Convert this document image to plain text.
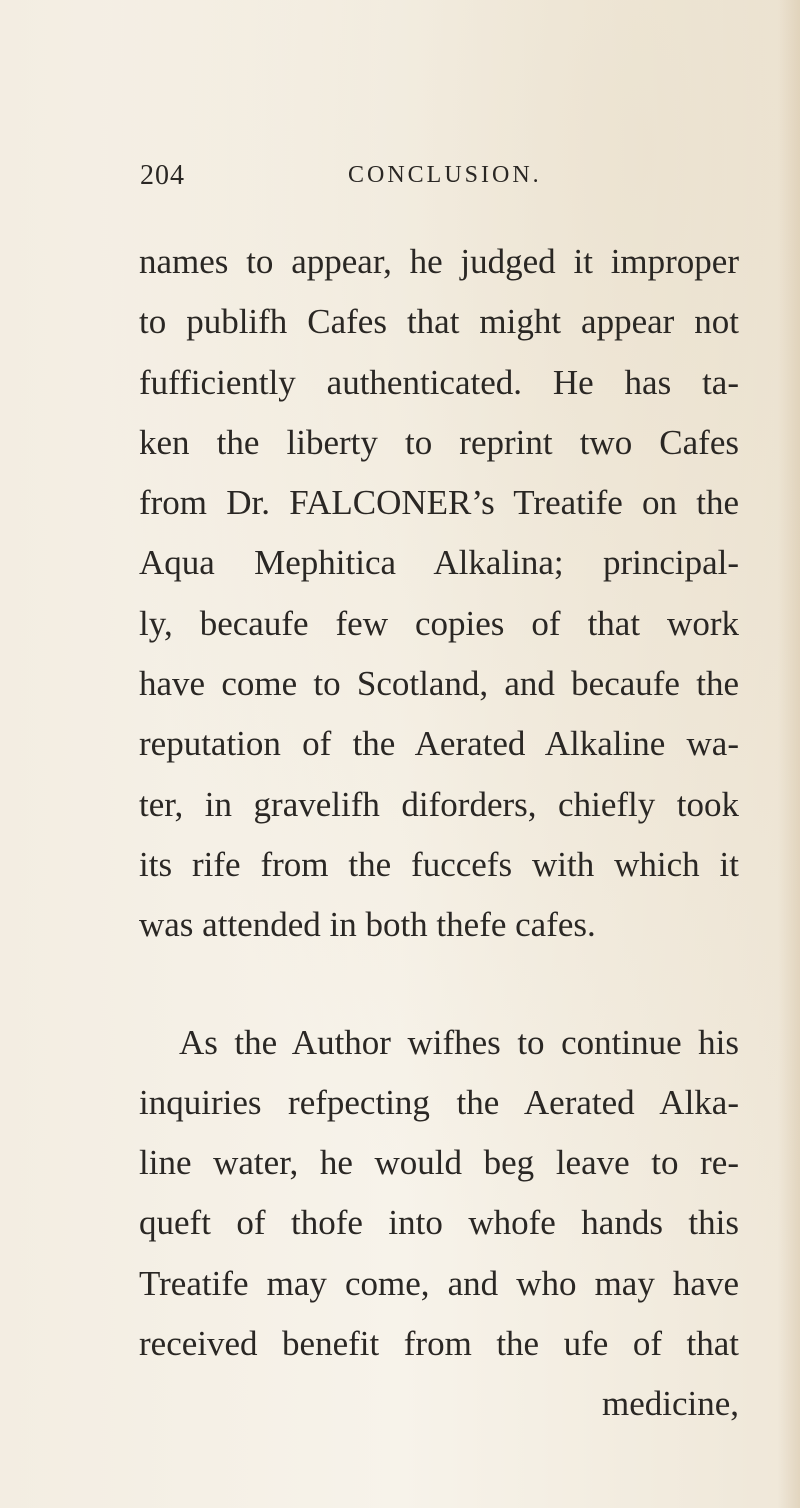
204	CONCLUSION.
names to appear, he judged it improper
to publifh Cafes that might appear not
fufficiently authenticated. He has ta-
ken the liberty to reprint two Cafes
from Dr. FALCONER’s Treatife on the
Aqua Mephitica Alkalina; principal-
ly, becaufe few copies of that work
have come to Scotland, and becaufe the
reputation of the Aerated Alkaline wa-
ter, in gravelifh diforders, chiefly took
its rife from the fuccefs with which it
was attended in both thefe cafes.
As the Author wifhes to continue his
inquiries refpecting the Aerated Alka-
line water, he would beg leave to re-
queft of thofe into whofe hands this
Treatife may come, and who may have
received benefit from the ufe of that
medicine,
